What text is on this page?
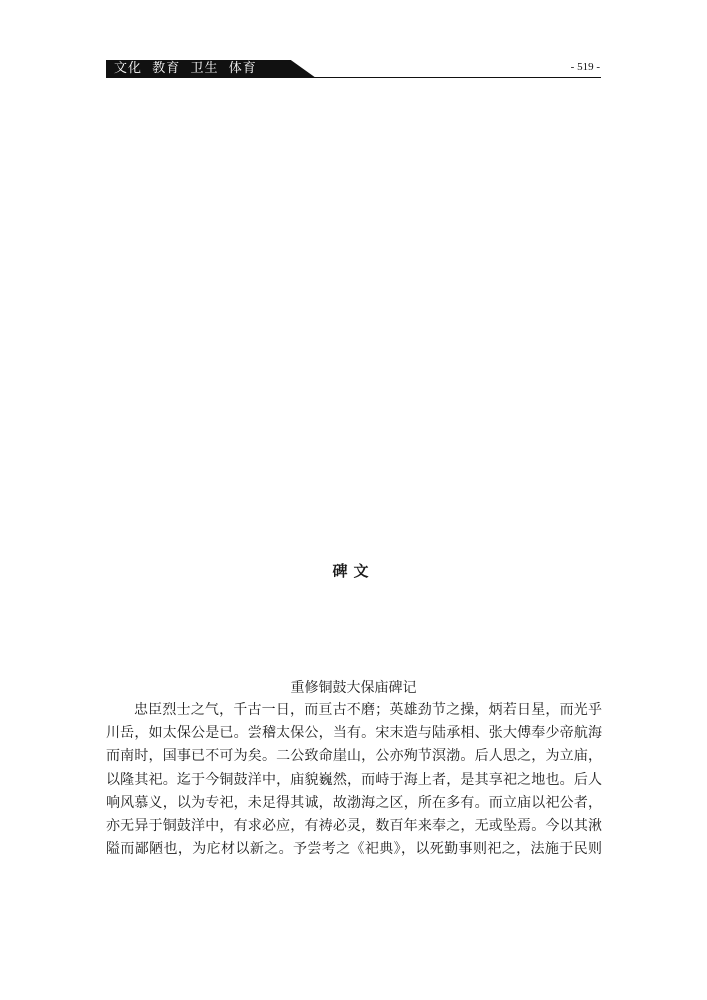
文化  教育  卫生  体育	- 519 -
碑文
重修铜鼓大保庙碑记
忠臣烈士之气，千古一日，而亘古不磨；英雄劲节之操，炳若日星，而光乎
川岳，如太保公是已。尝稽太保公，当有。宋末造与陆承相、张大傅奉少帝航海
而南时，国事已不可为矣。二公致命崖山，公亦殉节溟渤。后人思之，为立庙，
以隆其祀。迄于今铜鼓洋中，庙貌巍然，而峙于海上者，是其享祀之地也。后人
响风慕义，以为专祀，未足得其诚，故渤海之区，所在多有。而立庙以祀公者，
亦无异于铜鼓洋中，有求必应，有祷必灵，数百年来奉之，无或坠焉。今以其湫
隘而鄙陋也，为庀材以新之。予尝考之《祀典》，以死勤事则祀之，法施于民则
